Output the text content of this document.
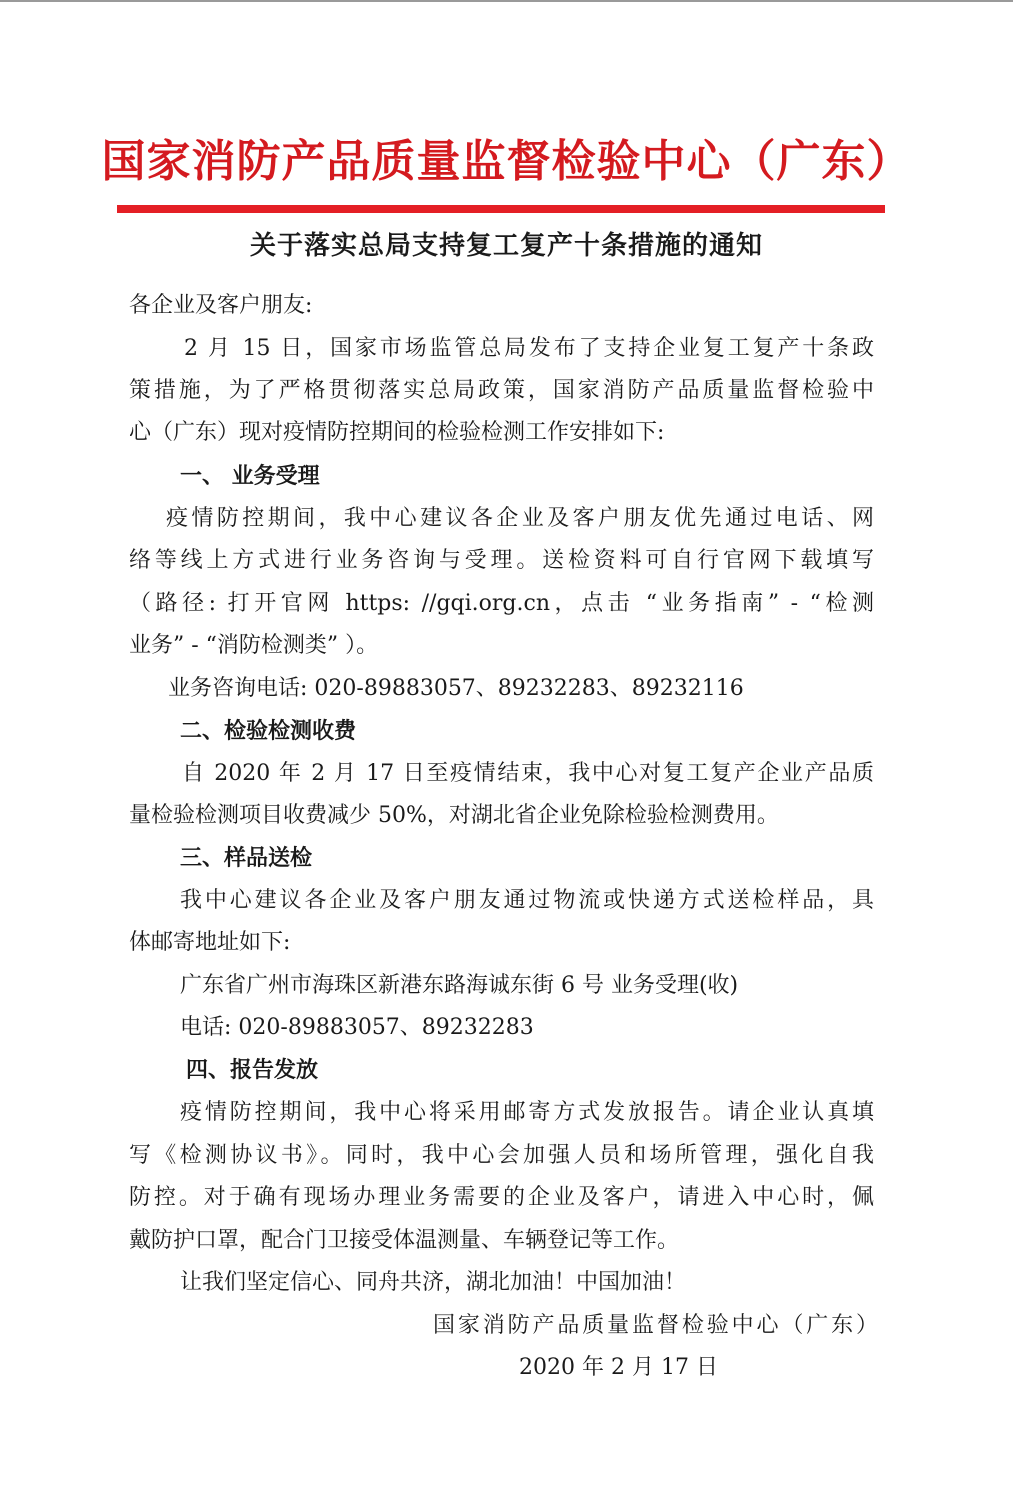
国家消防产品质量监督检验中心（广东）
关于落实总局支持复工复产十条措施的通知
各企业及客户朋友:
2 月 15 日，国家市场监管总局发布了支持企业复工复产十条政
策措施，为了严格贯彻落实总局政策，国家消防产品质量监督检验中
心（广东）现对疫情防控期间的检验检测工作安排如下:
一、 业务受理
疫情防控期间，我中心建议各企业及客户朋友优先通过电话、网
络等线上方式进行业务咨询与受理。送检资料可自行官网下载填写
（路径: 打开官网 https: //gqi.org.cn，点击 “业务指南” - “检测
业务” - “消防检测类” ）。
业务咨询电话: 020-89883057、89232283、89232116
二、检验检测收费
自 2020 年 2 月 17 日至疫情结束，我中心对复工复产企业产品质
量检验检测项目收费减少 50%，对湖北省企业免除检验检测费用。
三、样品送检
我中心建议各企业及客户朋友通过物流或快递方式送检样品，具
体邮寄地址如下:
广东省广州市海珠区新港东路海诚东街 6 号 业务受理(收)
电话: 020-89883057、89232283
四、报告发放
疫情防控期间，我中心将采用邮寄方式发放报告。请企业认真填
写《检测协议书》。同时，我中心会加强人员和场所管理，强化自我
防控。对于确有现场办理业务需要的企业及客户，请进入中心时，佩
戴防护口罩，配合门卫接受体温测量、车辆登记等工作。
让我们坚定信心、同舟共济，湖北加油！中国加油！
国家消防产品质量监督检验中心（广东）
2020 年 2 月 17 日
